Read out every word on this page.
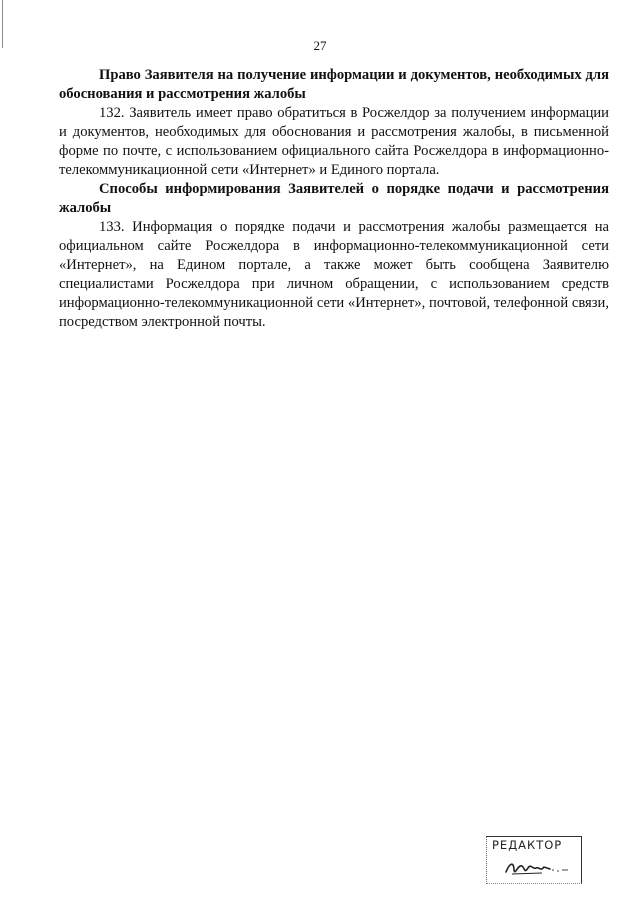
27

Право Заявителя на получение информации и документов, необходимых для обоснования и рассмотрения жалобы

132. Заявитель имеет право обратиться в Росжелдор за получением информации и документов, необходимых для обоснования и рассмотрения жалобы, в письменной форме по почте, с использованием официального сайта Росжелдора в информационно-телекоммуникационной сети «Интернет» и Единого портала.

Способы информирования Заявителей о порядке подачи и рассмотрения жалобы

133. Информация о порядке подачи и рассмотрения жалобы размещается на официальном сайте Росжелдора в информационно-телекоммуникационной сети «Интернет», на Едином портале, а также может быть сообщена Заявителю специалистами Росжелдора при личном обращении, с использованием средств информационно-телекоммуникационной сети «Интернет», почтовой, телефонной связи, посредством электронной почты.

РЕДАКТОР
